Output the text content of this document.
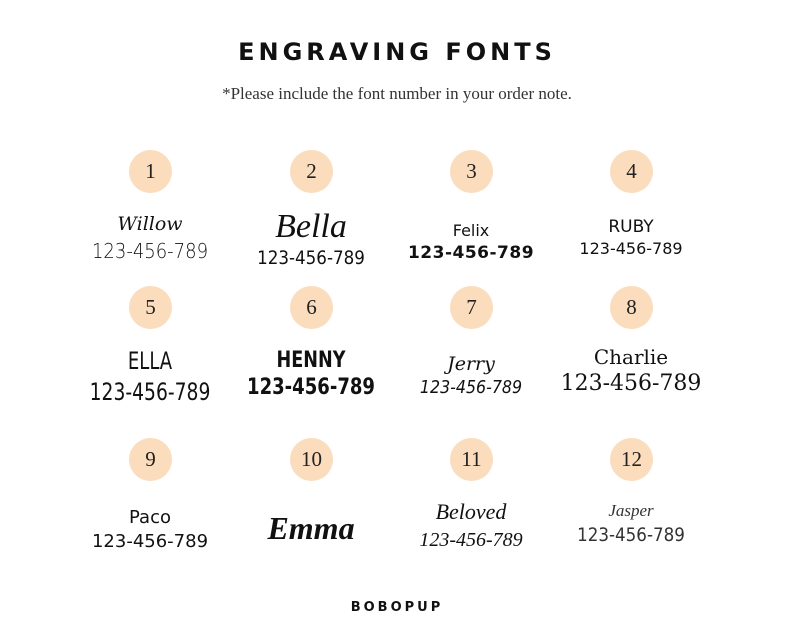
ENGRAVING FONTS
*Please include the font number in your order note.
1
Willow
123-456-789
2
Bella
123-456-789
3
Felix
123-456-789
4
RUBY
123-456-789
5
ELLA
123-456-789
6
HENNY
123-456-789
7
Jerry
123-456-789
8
Charlie
123-456-789
9
Paco
123-456-789
10
Emma
11
Beloved
123-456-789
12
Jasper
123-456-789
BOBOPUP
